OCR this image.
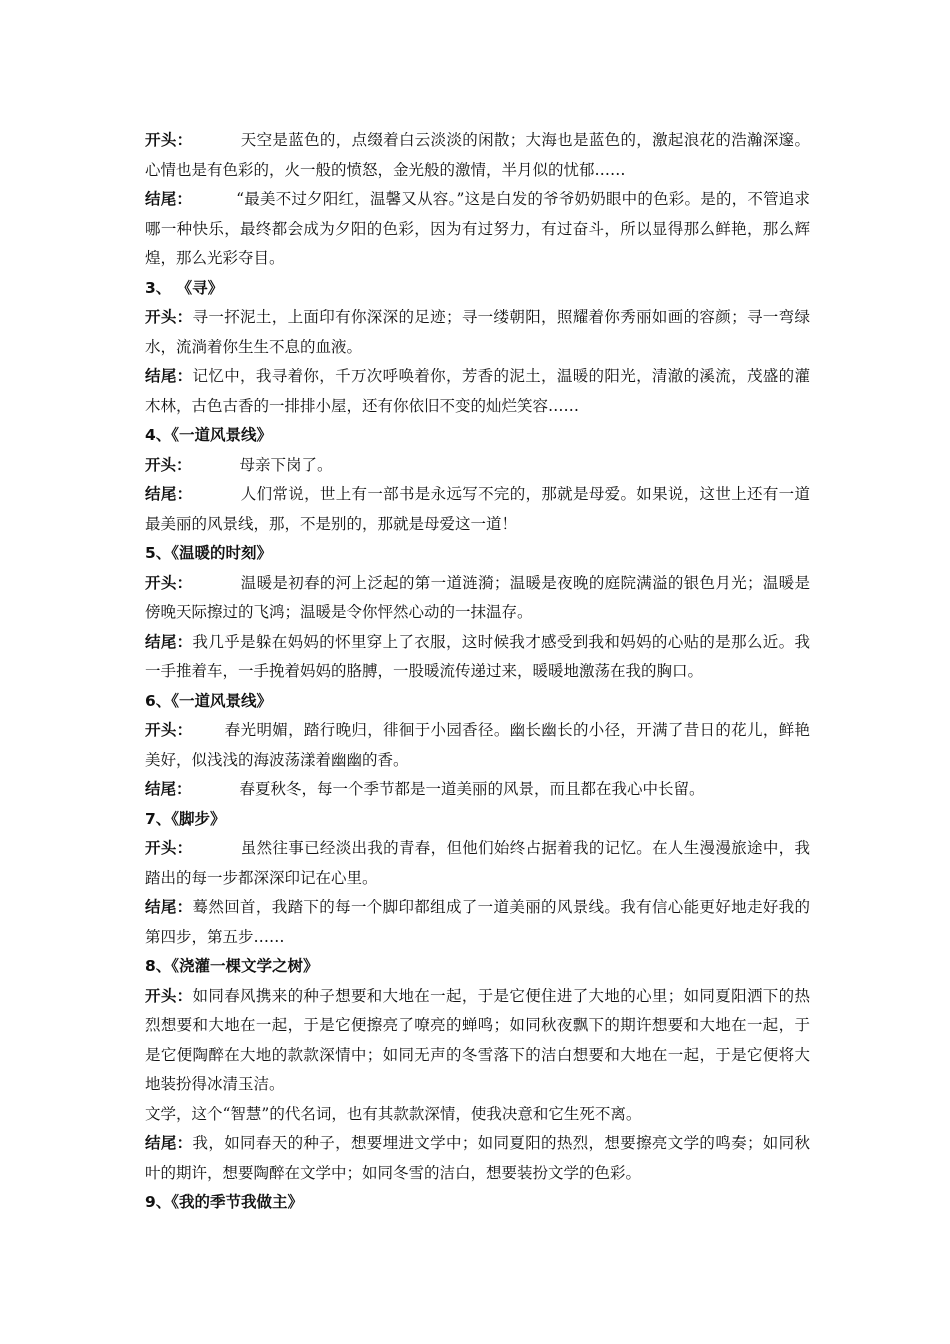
开头：	天空是蓝色的，点缀着白云淡淡的闲散；大海也是蓝色的，激起浪花的浩瀚深邃。心情也是有色彩的，火一般的愤怒，金光般的激情，半月似的忧郁……

结尾：	“最美不过夕阳红，温馨又从容。”这是白发的爷爷奶奶眼中的色彩。是的，不管追求哪一种快乐，最终都会成为夕阳的色彩，因为有过努力，有过奋斗，所以显得那么鲜艳，那么辉煌，那么光彩夺目。

3、 《寻》

开头：寻一抔泥土，上面印有你深深的足迹；寻一缕朝阳，照耀着你秀丽如画的容颜；寻一弯绿水，流淌着你生生不息的血液。

结尾：记忆中，我寻着你，千万次呼唤着你，芳香的泥土，温暖的阳光，清澈的溪流，茂盛的灌木林，古色古香的一排排小屋，还有你依旧不变的灿烂笑容……

4、《一道风景线》

开头：	母亲下岗了。

结尾：	人们常说，世上有一部书是永远写不完的，那就是母爱。如果说，这世上还有一道最美丽的风景线，那，不是别的，那就是母爱这一道！

5、《温暖的时刻》

开头：	温暖是初春的河上泛起的第一道涟漪；温暖是夜晚的庭院满溢的银色月光；温暖是傍晚天际擦过的飞鸿；温暖是令你怦然心动的一抹温存。

结尾：我几乎是躲在妈妈的怀里穿上了衣服，这时候我才感受到我和妈妈的心贴的是那么近。我一手推着车，一手挽着妈妈的胳膊，一股暖流传递过来，暖暖地激荡在我的胸口。

6、《一道风景线》

开头： 春光明媚，踏行晚归，徘徊于小园香径。幽长幽长的小径，开满了昔日的花儿，鲜艳美好，似浅浅的海波荡漾着幽幽的香。

结尾：	春夏秋冬，每一个季节都是一道美丽的风景，而且都在我心中长留。

7、《脚步》

开头：	虽然往事已经淡出我的青春，但他们始终占据着我的记忆。在人生漫漫旅途中，我踏出的每一步都深深印记在心里。

结尾：蓦然回首，我踏下的每一个脚印都组成了一道美丽的风景线。我有信心能更好地走好我的第四步，第五步……

8、《浇灌一棵文学之树》

开头：如同春风携来的种子想要和大地在一起，于是它便住进了大地的心里；如同夏阳洒下的热烈想要和大地在一起，于是它便擦亮了嘹亮的蝉鸣；如同秋夜飘下的期许想要和大地在一起，于是它便陶醉在大地的款款深情中；如同无声的冬雪落下的洁白想要和大地在一起，于是它便将大地装扮得冰清玉洁。

文学，这个“智慧”的代名词，也有其款款深情，使我决意和它生死不离。

结尾：我，如同春天的种子，想要埋进文学中；如同夏阳的热烈，想要擦亮文学的鸣奏；如同秋叶的期许，想要陶醉在文学中；如同冬雪的洁白，想要装扮文学的色彩。

9、《我的季节我做主》
